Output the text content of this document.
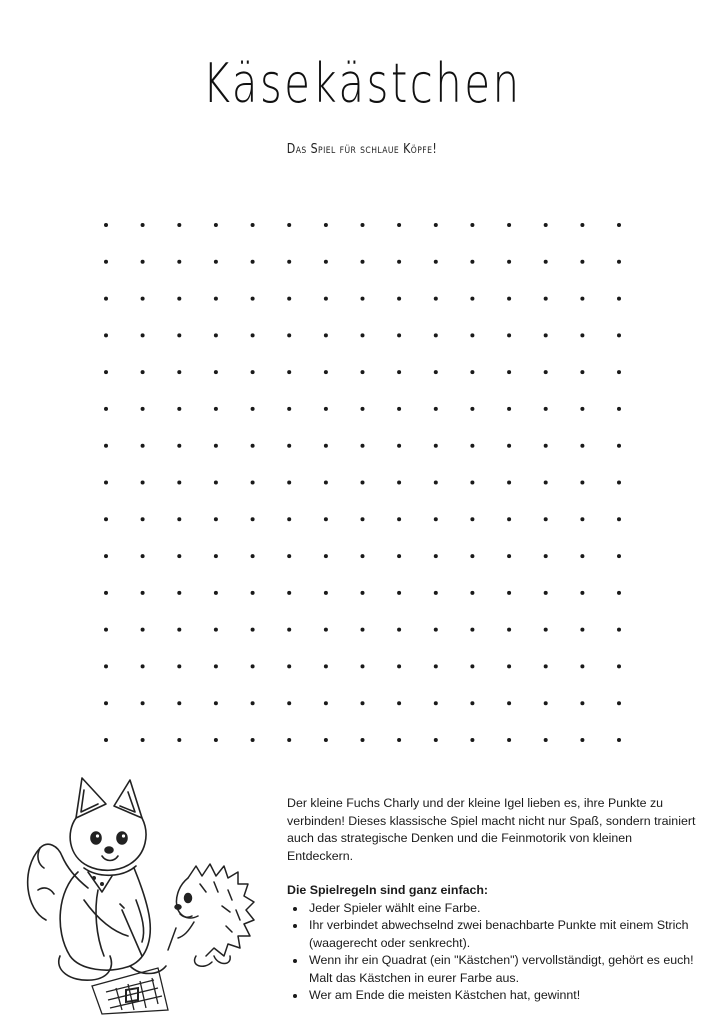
Käsekästchen
Das Spiel für schlaue Köpfe!

Der kleine Fuchs Charly und der kleine Igel lieben es, ihre Punkte zu verbinden! Dieses klassische Spiel macht nicht nur Spaß, sondern trainiert auch das strategische Denken und die Feinmotorik von kleinen Entdeckern.

Die Spielregeln sind ganz einfach:

• Jeder Spieler wählt eine Farbe.
• Ihr verbindet abwechselnd zwei benachbarte Punkte mit einem Strich (waagerecht oder senkrecht).
• Wenn ihr ein Quadrat (ein "Kästchen") vervollständigt, gehört es euch! Malt das Kästchen in eurer Farbe aus.
• Wer am Ende die meisten Kästchen hat, gewinnt!
